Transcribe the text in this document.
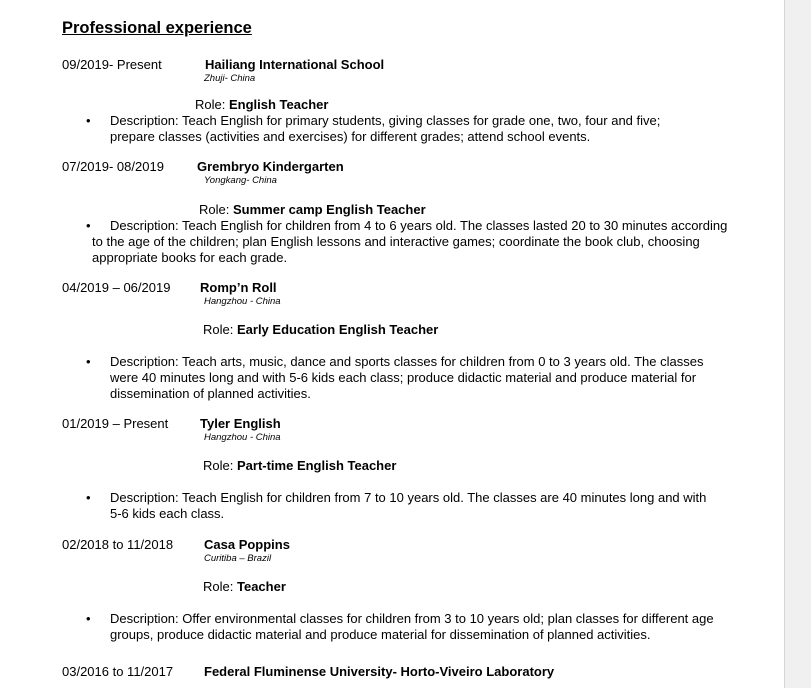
Professional experience
09/2019- Present	Hailiang International School
Zhuji- China
Role: English Teacher
• Description: Teach English for primary students, giving classes for grade one, two, four and five; prepare classes (activities and exercises) for different grades; attend school events.
07/2019- 08/2019	Grembryo Kindergarten
Yongkang- China
Role: Summer camp English Teacher
•	Description: Teach English for children from 4 to 6 years old. The classes lasted 20 to 30 minutes according to the age of the children; plan English lessons and interactive games; coordinate the book club, choosing appropriate books for each grade.
04/2019 – 06/2019 Romp’n Roll
Hangzhou - China
Role: Early Education English Teacher
• Description: Teach arts, music, dance and sports classes for children from 0 to 3 years old. The classes were 40 minutes long and with 5-6 kids each class; produce didactic material and produce material for dissemination of planned activities.
01/2019 – Present Tyler English
Hangzhou - China
Role: Part-time English Teacher
• Description: Teach English for children from 7 to 10 years old. The classes are 40 minutes long and with 5-6 kids each class.
02/2018 to 11/2018 Casa Poppins
Curitiba – Brazil
Role: Teacher
• Description: Offer environmental classes for children from 3 to 10 years old; plan classes for different age groups, produce didactic material and produce material for dissemination of planned activities.
03/2016 to 11/2017 Federal Fluminense University- Horto-Viveiro Laboratory
